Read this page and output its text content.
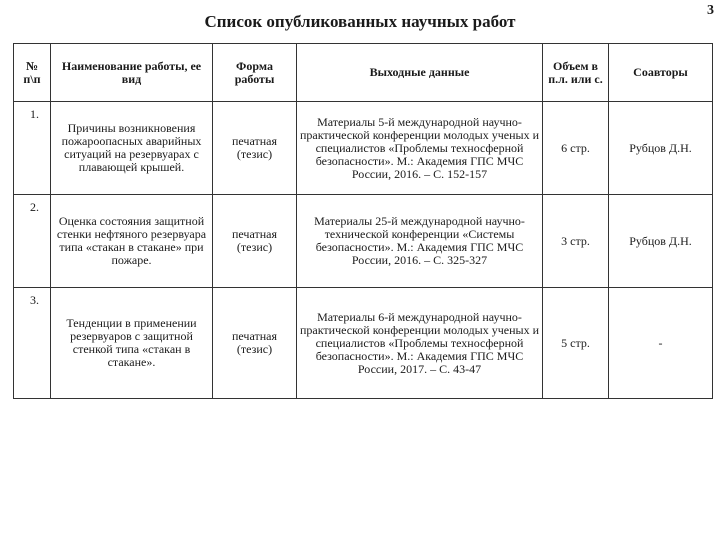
3
Список опубликованных научных работ
№ п\п	Наименование работы, ее вид	Форма работы	Выходные данные	Объем в п.л. или с.	Соавторы
1.	Причины возникновения пожароопасных аварийных ситуаций на резервуарах с плавающей крышей.	печатная (тезис)	Материалы 5-й международной научно-практической конференции молодых ученых и специалистов «Проблемы техносферной безопасности». М.: Академия ГПС МЧС России, 2016. – С. 152-157	6 стр.	Рубцов Д.Н.
2.	Оценка состояния защитной стенки нефтяного резервуара типа «стакан в стакане» при пожаре.	печатная (тезис)	Материалы 25-й международной научно-технической конференции «Системы безопасности». М.: Академия ГПС МЧС России, 2016. – С. 325-327	3 стр.	Рубцов Д.Н.
3.	Тенденции в применении резервуаров с защитной стенкой типа «стакан в стакане».	печатная (тезис)	Материалы 6-й международной научно-практической конференции молодых ученых и специалистов «Проблемы техносферной безопасности». М.: Академия ГПС МЧС России, 2017. – С. 43-47	5 стр.	-
